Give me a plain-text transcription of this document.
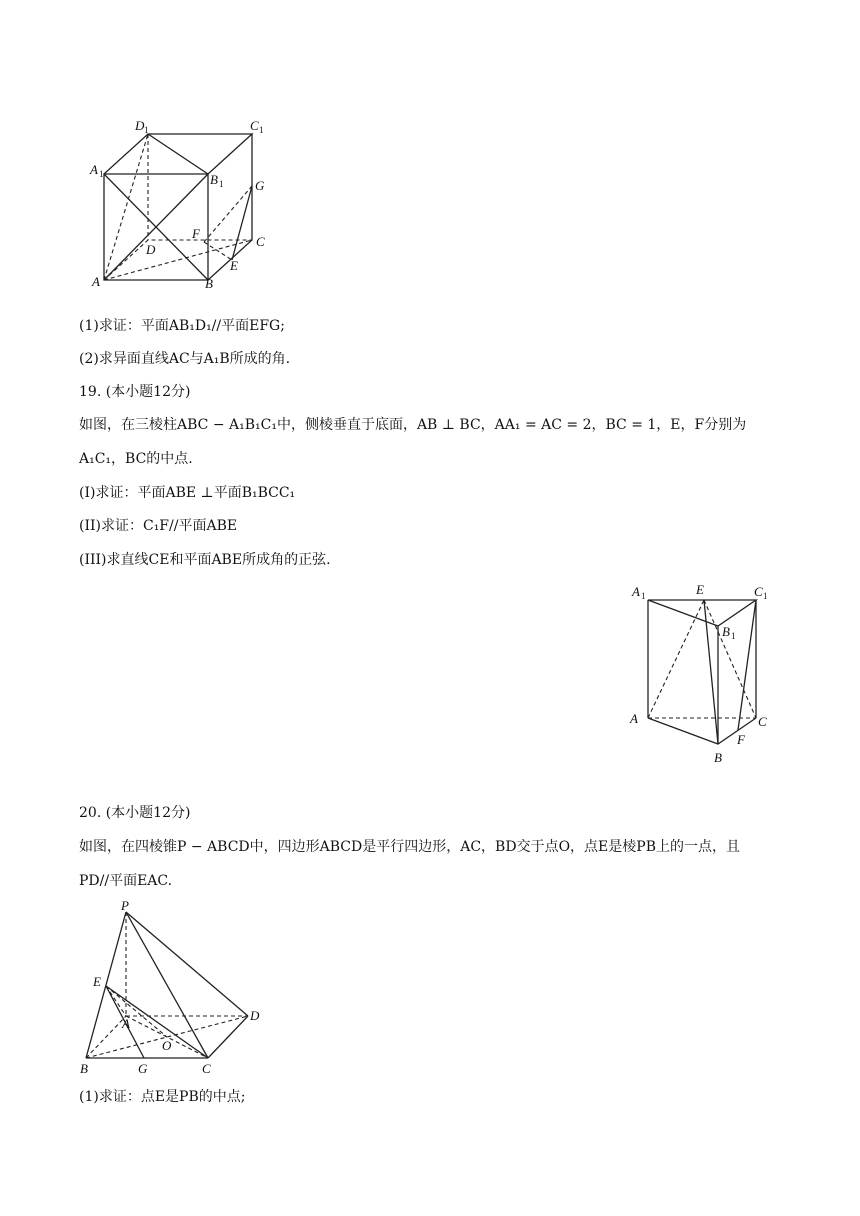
A	B
C
D
A 1	B 1
C 1
D 1
E
F
G
(1)求证：平面AB₁D₁//平面EFG;
(2)求异面直线AC与A₁B所成的角.
19. (本小题12分)
如图，在三棱柱ABC − A₁B₁C₁中，侧棱垂直于底面，AB ⊥ BC，AA₁ = AC = 2，BC = 1，E，F分别为
A₁C₁，BC的中点.
(I)求证：平面ABE ⊥平面B₁BCC₁
(II)求证：C₁F//平面ABE
(III)求直线CE和平面ABE所成角的正弦.
A 1	E	C 1
B 1
A	C
F
B
20. (本小题12分)
如图，在四棱锥P − ABCD中，四边形ABCD是平行四边形，AC，BD交于点O，点E是棱PB上的一点，且
PD//平面EAC.
P
E
A
D
O
B	G	C
(1)求证：点E是PB的中点;
